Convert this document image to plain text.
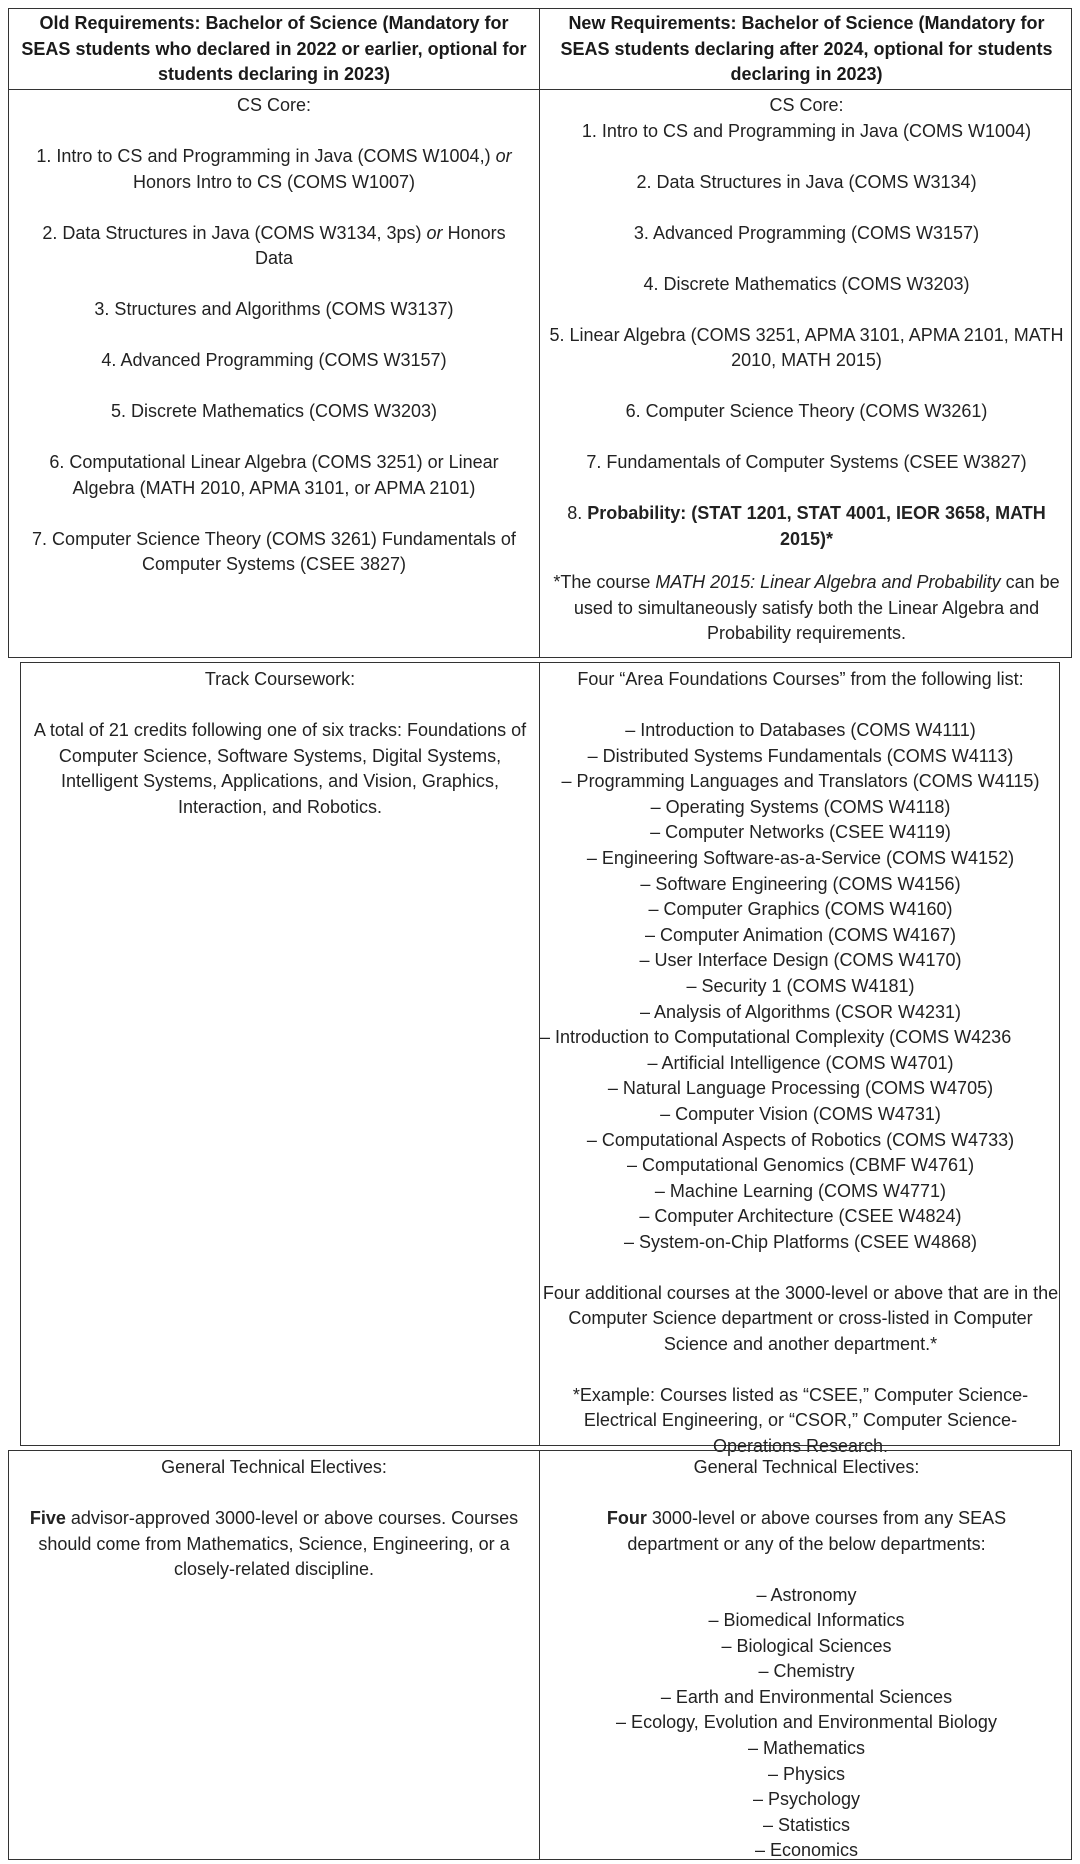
Old Requirements: Bachelor of Science (Mandatory for SEAS students who declared in 2022 or earlier, optional for students declaring in 2023)
New Requirements: Bachelor of Science (Mandatory for SEAS students declaring after 2024, optional for students declaring in 2023)
CS Core:

1. Intro to CS and Programming in Java (COMS W1004,) or Honors Intro to CS (COMS W1007)

2. Data Structures in Java (COMS W3134, 3ps) or Honors Data

3. Structures and Algorithms (COMS W3137)

4. Advanced Programming (COMS W3157)

5. Discrete Mathematics (COMS W3203)

6. Computational Linear Algebra (COMS 3251) or Linear Algebra (MATH 2010, APMA 3101, or APMA 2101)

7. Computer Science Theory (COMS 3261) Fundamentals of Computer Systems (CSEE 3827)

CS Core:

1. Intro to CS and Programming in Java (COMS W1004)

2. Data Structures in Java (COMS W3134)

3. Advanced Programming (COMS W3157)

4. Discrete Mathematics (COMS W3203)

5. Linear Algebra (COMS 3251, APMA 3101, APMA 2101, MATH 2010, MATH 2015)

6. Computer Science Theory (COMS W3261)

7. Fundamentals of Computer Systems (CSEE W3827)

8. Probability: (STAT 1201, STAT 4001, IEOR 3658, MATH 2015)*

*The course MATH 2015: Linear Algebra and Probability can be used to simultaneously satisfy both the Linear Algebra and Probability requirements.

Track Coursework:

A total of 21 credits following one of six tracks: Foundations of Computer Science, Software Systems, Digital Systems, Intelligent Systems, Applications, and Vision, Graphics, Interaction, and Robotics.

Four “Area Foundations Courses” from the following list:
– Introduction to Databases (COMS W4111)
– Distributed Systems Fundamentals (COMS W4113)
– Programming Languages and Translators (COMS W4115)
– Operating Systems (COMS W4118)
– Computer Networks (CSEE W4119)
– Engineering Software-as-a-Service (COMS W4152)
– Software Engineering (COMS W4156)
– Computer Graphics (COMS W4160)
– Computer Animation (COMS W4167)
– User Interface Design (COMS W4170)
– Security 1 (COMS W4181)
– Analysis of Algorithms (CSOR W4231)
– Introduction to Computational Complexity (COMS W4236
– Artificial Intelligence (COMS W4701)
– Natural Language Processing (COMS W4705)
– Computer Vision (COMS W4731)
– Computational Aspects of Robotics (COMS W4733)
– Computational Genomics (CBMF W4761)
– Machine Learning (COMS W4771)
– Computer Architecture (CSEE W4824)
– System-on-Chip Platforms (CSEE W4868)

Four additional courses at the 3000-level or above that are in the Computer Science department or cross-listed in Computer Science and another department.*

*Example: Courses listed as “CSEE,” Computer Science-Electrical Engineering, or “CSOR,” Computer Science-Operations Research.

General Technical Electives:

Five advisor-approved 3000-level or above courses. Courses should come from Mathematics, Science, Engineering, or a closely-related discipline.

General Technical Electives:

Four 3000-level or above courses from any SEAS department or any of the below departments:

– Astronomy
– Biomedical Informatics
– Biological Sciences
– Chemistry
– Earth and Environmental Sciences
– Ecology, Evolution and Environmental Biology
– Mathematics
– Physics
– Psychology
– Statistics
– Economics
